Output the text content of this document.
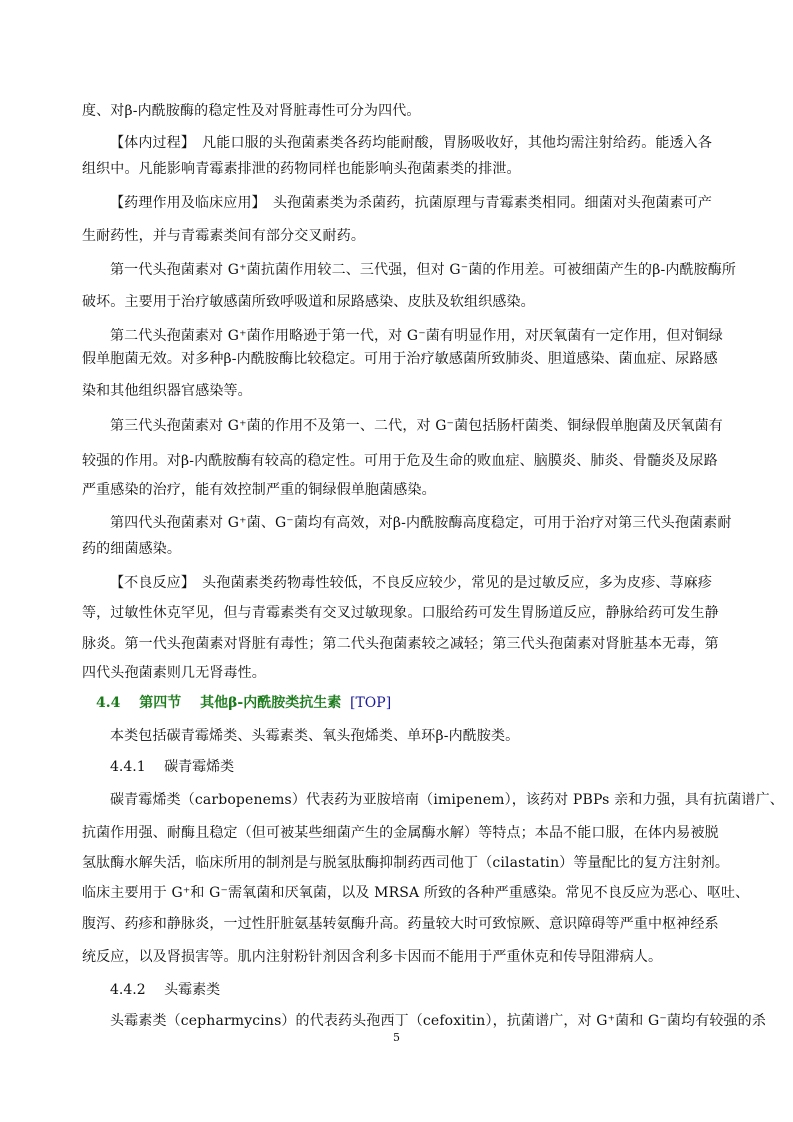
度、对β-内酰胺酶的稳定性及对肾脏毒性可分为四代。
【体内过程】　凡能口服的头孢菌素类各药均能耐酸，胃肠吸收好，其他均需注射给药。能透入各
组织中。凡能影响青霉素排泄的药物同样也能影响头孢菌素类的排泄。
【药理作用及临床应用】　头孢菌素类为杀菌药，抗菌原理与青霉素类相同。细菌对头孢菌素可产
生耐药性，并与青霉素类间有部分交叉耐药。
第一代头孢菌素对 G⁺菌抗菌作用较二、三代强，但对 G⁻菌的作用差。可被细菌产生的β-内酰胺酶所
破坏。主要用于治疗敏感菌所致呼吸道和尿路感染、皮肤及软组织感染。
第二代头孢菌素对 G⁺菌作用略逊于第一代，对 G⁻菌有明显作用，对厌氧菌有一定作用，但对铜绿
假单胞菌无效。对多种β-内酰胺酶比较稳定。可用于治疗敏感菌所致肺炎、胆道感染、菌血症、尿路感
染和其他组织器官感染等。
第三代头孢菌素对 G⁺菌的作用不及第一、二代，对 G⁻菌包括肠杆菌类、铜绿假单胞菌及厌氧菌有
较强的作用。对β-内酰胺酶有较高的稳定性。可用于危及生命的败血症、脑膜炎、肺炎、骨髓炎及尿路
严重感染的治疗，能有效控制严重的铜绿假单胞菌感染。
第四代头孢菌素对 G⁺菌、G⁻菌均有高效，对β-内酰胺酶高度稳定，可用于治疗对第三代头孢菌素耐
药的细菌感染。
【不良反应】　头孢菌素类药物毒性较低，不良反应较少，常见的是过敏反应，多为皮疹、荨麻疹
等，过敏性休克罕见，但与青霉素类有交叉过敏现象。口服给药可发生胃肠道反应，静脉给药可发生静
脉炎。第一代头孢菌素对肾脏有毒性；第二代头孢菌素较之减轻；第三代头孢菌素对肾脏基本无毒，第
四代头孢菌素则几无肾毒性。
本类包括碳青霉烯类、头霉素类、氧头孢烯类、单环β-内酰胺类。
碳青霉烯类（carbopenems）代表药为亚胺培南（imipenem），该药对 PBPs 亲和力强，具有抗菌谱广、
抗菌作用强、耐酶且稳定（但可被某些细菌产生的金属酶水解）等特点；本品不能口服，在体内易被脱
氢肽酶水解失活，临床所用的制剂是与脱氢肽酶抑制药西司他丁（cilastatin）等量配比的复方注射剂。
临床主要用于 G⁺和 G⁻需氧菌和厌氧菌，以及 MRSA 所致的各种严重感染。常见不良反应为恶心、呕吐、
腹泻、药疹和静脉炎，一过性肝脏氨基转氨酶升高。药量较大时可致惊厥、意识障碍等严重中枢神经系
统反应，以及肾损害等。肌内注射粉针剂因含利多卡因而不能用于严重休克和传导阻滞病人。
头霉素类（cepharmycins）的代表药头孢西丁（cefoxitin），抗菌谱广，对 G⁺菌和 G⁻菌均有较强的杀
4.4 第四节 其他β-内酰胺类抗生素 [TOP]
4.4.1 碳青霉烯类
4.4.2 头霉素类
5
